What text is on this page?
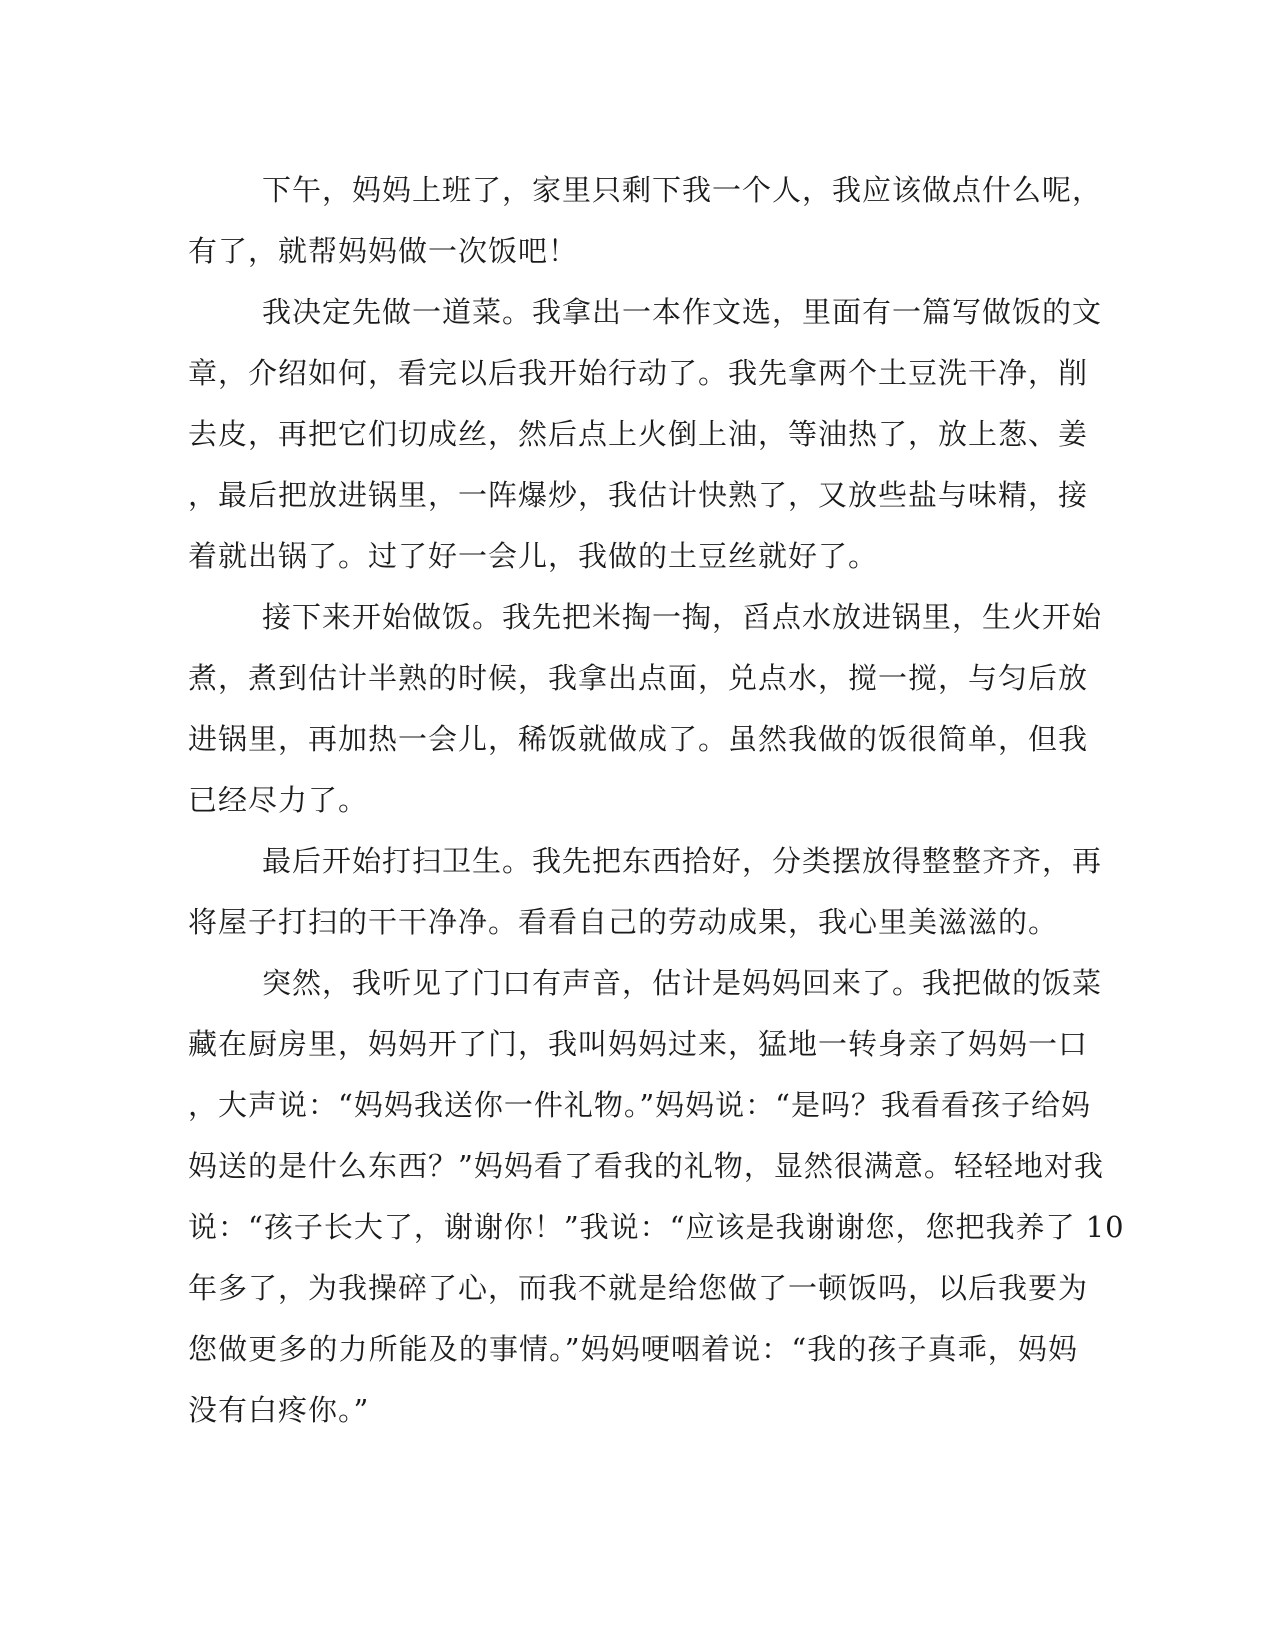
下午，妈妈上班了，家里只剩下我一个人，我应该做点什么呢，
有了，就帮妈妈做一次饭吧！
我决定先做一道菜。我拿出一本作文选，里面有一篇写做饭的文
章，介绍如何，看完以后我开始行动了。我先拿两个土豆洗干净，削
去皮，再把它们切成丝，然后点上火倒上油，等油热了，放上葱、姜
，最后把放进锅里，一阵爆炒，我估计快熟了，又放些盐与味精，接
着就出锅了。过了好一会儿，我做的土豆丝就好了。
接下来开始做饭。我先把米掏一掏，舀点水放进锅里，生火开始
煮，煮到估计半熟的时候，我拿出点面，兑点水，搅一搅，与匀后放
进锅里，再加热一会儿，稀饭就做成了。虽然我做的饭很简单，但我
已经尽力了。
最后开始打扫卫生。我先把东西拾好，分类摆放得整整齐齐，再
将屋子打扫的干干净净。看看自己的劳动成果，我心里美滋滋的。
突然，我听见了门口有声音，估计是妈妈回来了。我把做的饭菜
藏在厨房里，妈妈开了门，我叫妈妈过来，猛地一转身亲了妈妈一口
，大声说：“妈妈我送你一件礼物。”妈妈说：“是吗？我看看孩子给妈
妈送的是什么东西？”妈妈看了看我的礼物，显然很满意。轻轻地对我
说：“孩子长大了，谢谢你！”我说：“应该是我谢谢您，您把我养了 10
年多了，为我操碎了心，而我不就是给您做了一顿饭吗，以后我要为
您做更多的力所能及的事情。”妈妈哽咽着说：“我的孩子真乖，妈妈
没有白疼你。”
